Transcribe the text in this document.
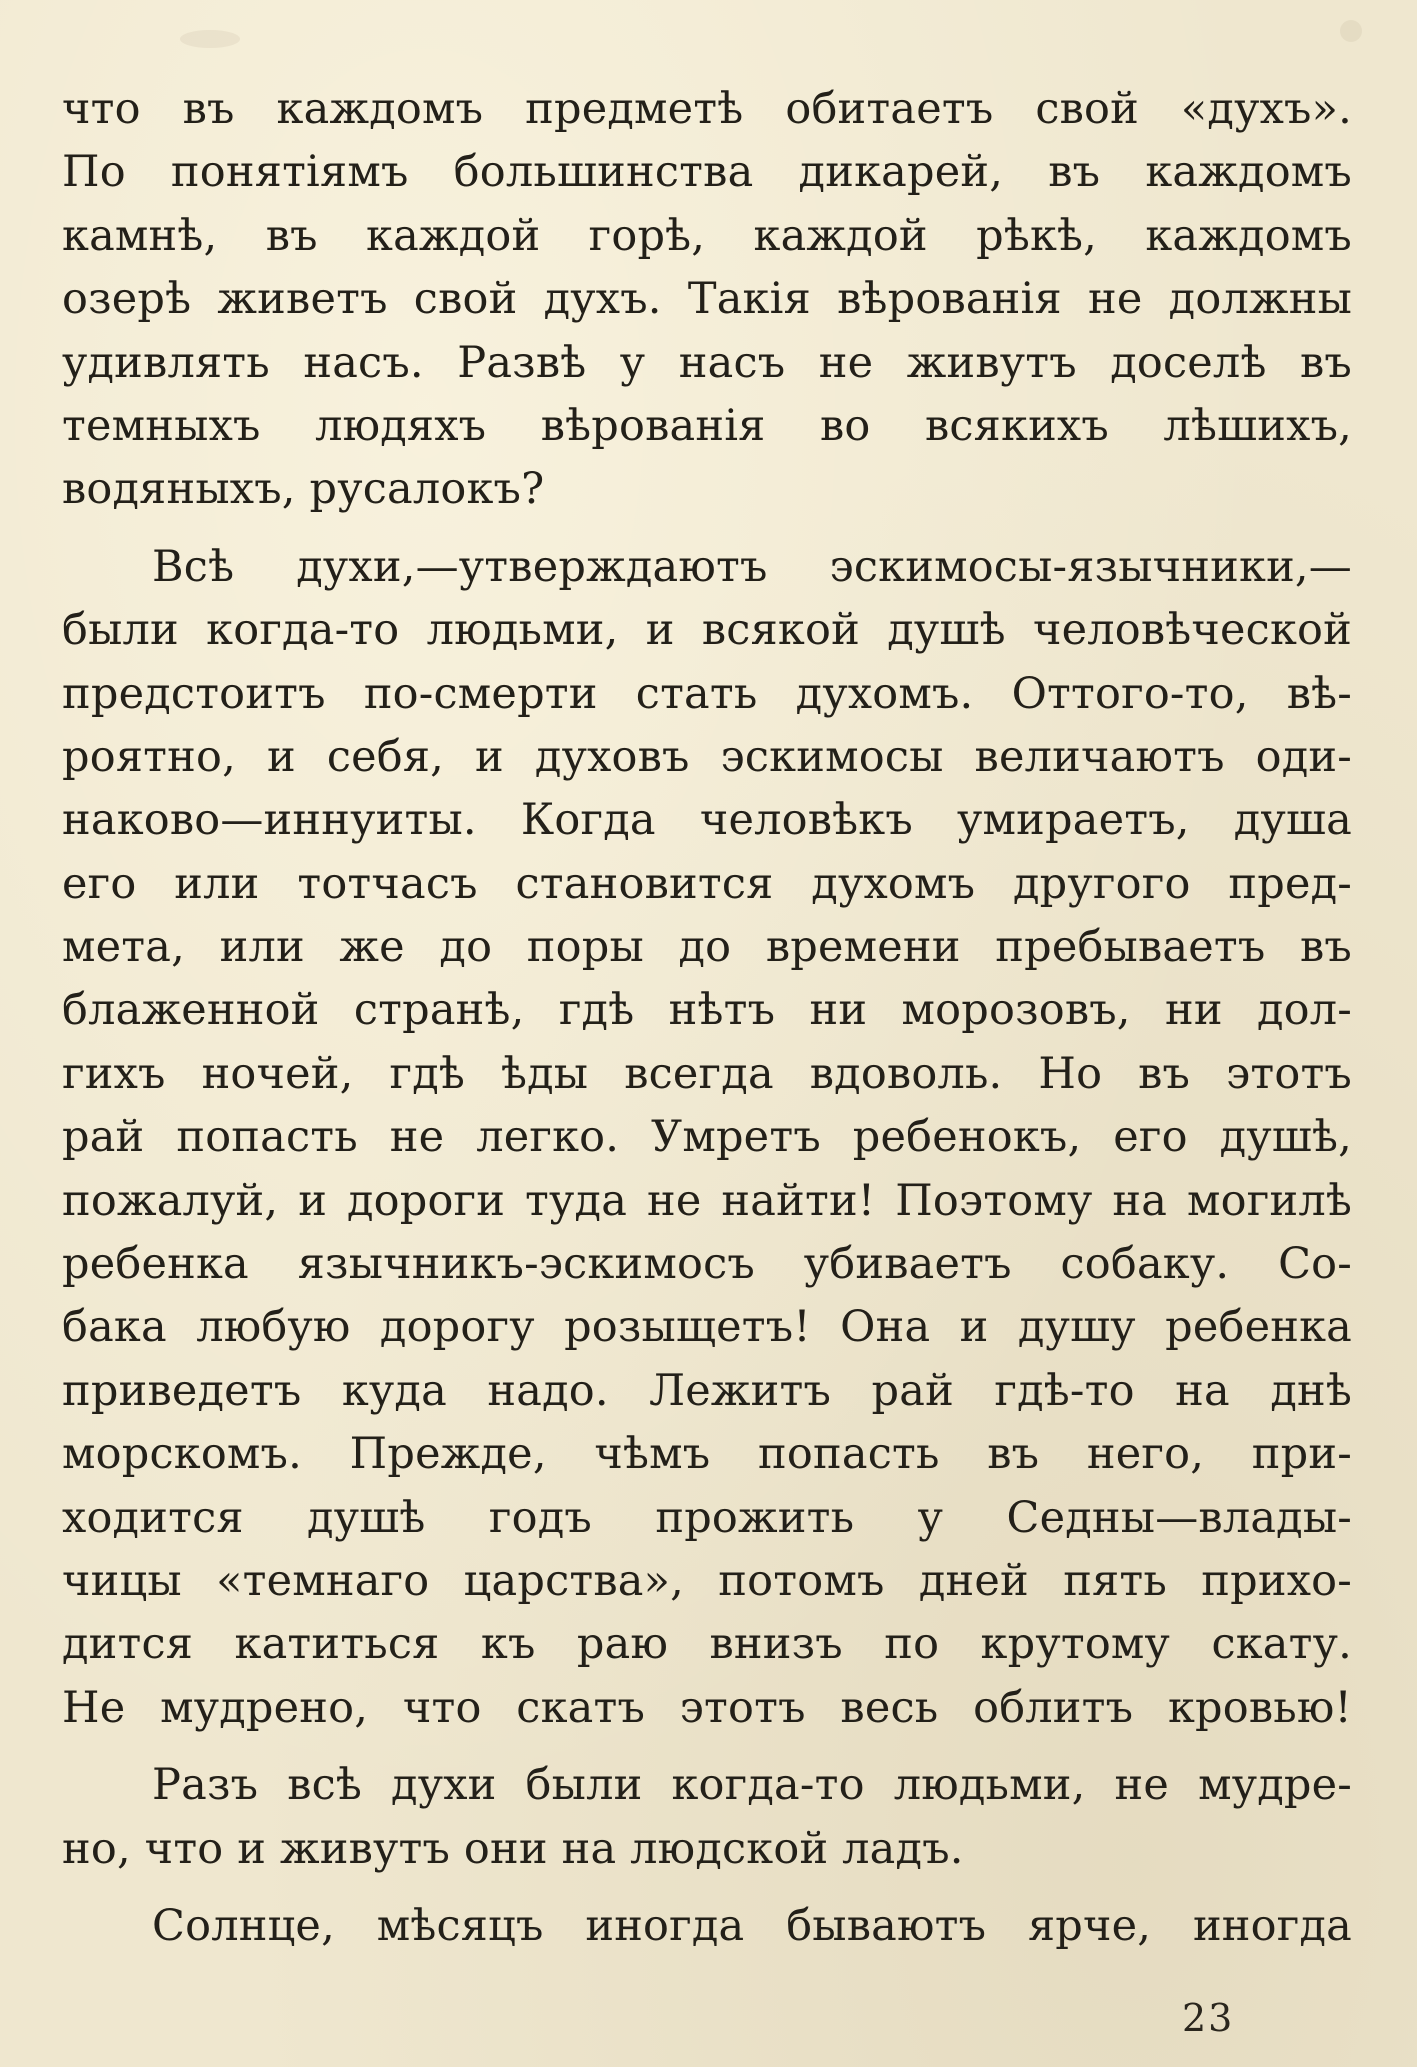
что въ каждомъ предметѣ обитаетъ свой «духъ».
По понятіямъ большинства дикарей, въ каждомъ
камнѣ, въ каждой горѣ, каждой рѣкѣ, каждомъ
озерѣ живетъ свой духъ. Такія вѣрованія не должны
удивлять насъ. Развѣ у насъ не живутъ доселѣ въ
темныхъ людяхъ вѣрованія во всякихъ лѣшихъ,
водяныхъ, русалокъ?
Всѣ духи,—утверждаютъ эскимосы-язычники,—
были когда-то людьми, и всякой душѣ человѣческой
предстоитъ по-смерти стать духомъ. Оттого-то, вѣ-
роятно, и себя, и духовъ эскимосы величаютъ оди-
наково—иннуиты. Когда человѣкъ умираетъ, душа
его или тотчасъ становится духомъ другого пред-
мета, или же до поры до времени пребываетъ въ
блаженной странѣ, гдѣ нѣтъ ни морозовъ, ни дол-
гихъ ночей, гдѣ ѣды всегда вдоволь. Но въ этотъ
рай попасть не легко. Умретъ ребенокъ, его душѣ,
пожалуй, и дороги туда не найти! Поэтому на могилѣ
ребенка язычникъ-эскимосъ убиваетъ собаку. Со-
бака любую дорогу розыщетъ! Она и душу ребенка
приведетъ куда надо. Лежитъ рай гдѣ-то на днѣ
морскомъ. Прежде, чѣмъ попасть въ него, при-
ходится душѣ годъ прожить у Седны—влады-
чицы «темнаго царства», потомъ дней пять прихо-
дится катиться къ раю внизъ по крутому скату.
Не мудрено, что скатъ этотъ весь облитъ кровью!
Разъ всѣ духи были когда-то людьми, не мудре-
но, что и живутъ они на людской ладъ.
Солнце, мѣсяцъ иногда бываютъ ярче, иногда
23
